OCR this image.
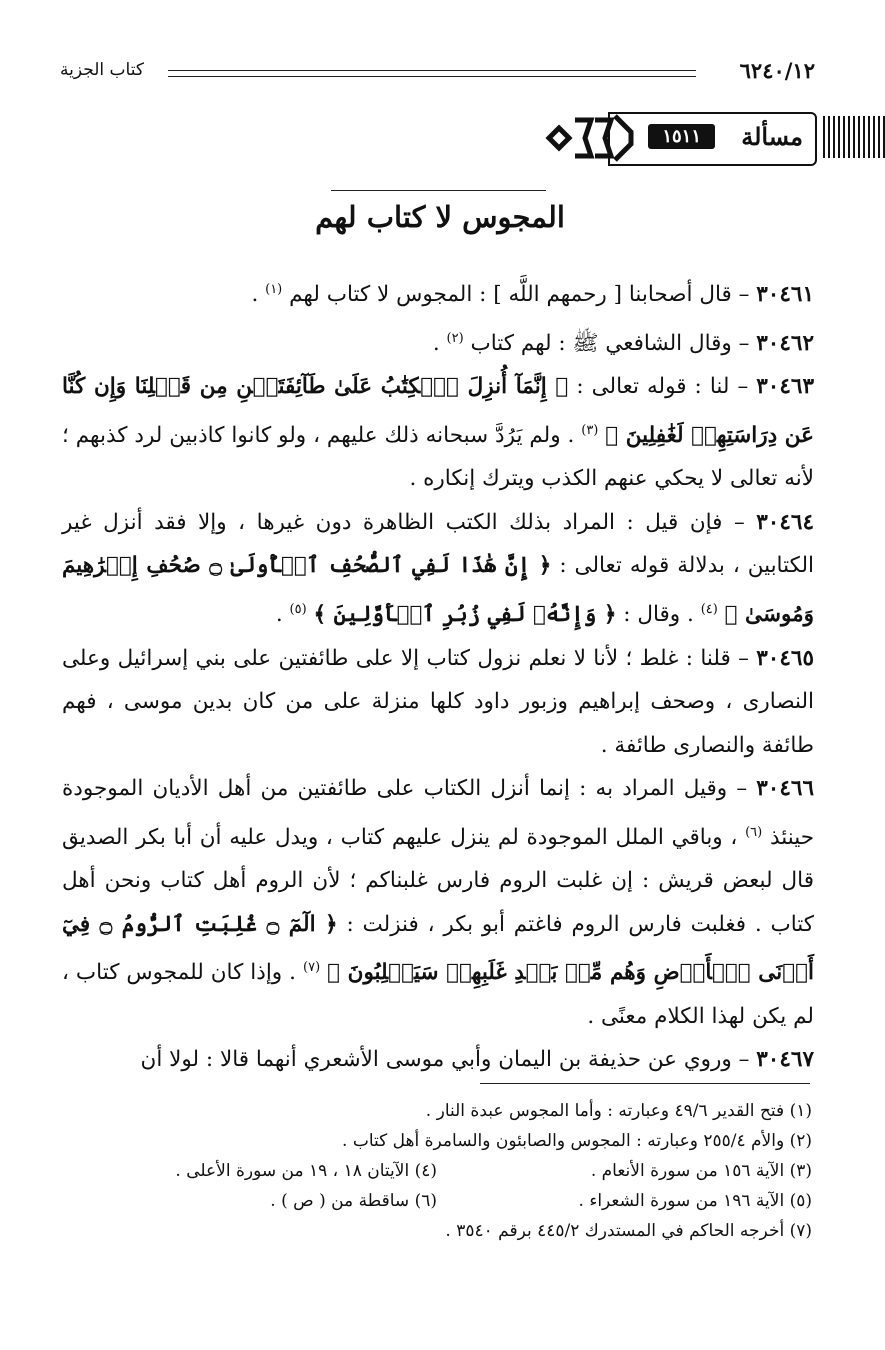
٦٢٤٠/١٢
كتاب الجزية
مسألة
١٥١١
المجوس لا كتاب لهم

٣٠٤٦١ – قال أصحابنا [ رحمهم اللَّه ] : المجوس لا كتاب لهم $^{(١)}$ .

٣٠٤٦٢ – وقال الشافعي ﷺ : لهم كتاب $^{(٢)}$ .

٣٠٤٦٣ – لنا : قوله تعالى : ﴿ إِنَّمَآ أُنزِلَ ٱلۡكِتَٰبُ عَلَىٰ طَآئِفَتَيۡنِ مِن قَبۡلِنَا وَإِن كُنَّا عَن دِرَاسَتِهِمۡ لَغَٰفِلِينَ ﴾ $^{(٣)}$ . ولم يَرُدَّ سبحانه ذلك عليهم ، ولو كانوا كاذبين لرد كذبهم ؛ لأنه تعالى لا يحكي عنهم الكذب ويترك إنكاره .

٣٠٤٦٤ – فإن قيل : المراد بذلك الكتب الظاهرة دون غيرها ، وإلا فقد أنزل غير الكتابين ، بدلالة قوله تعالى : ﴿ إِنَّ هَٰذَا لَفِي ٱلصُّحُفِ ٱلۡأُولَىٰ ۝ صُحُفِ إِبۡرَٰهِيمَ وَمُوسَىٰ ﴾ $^{(٤)}$ . وقال : ﴿ وَإِنَّهُۥ لَفِي زُبُرِ ٱلۡأَوَّلِينَ ﴾ $^{(٥)}$ .

٣٠٤٦٥ – قلنا : غلط ؛ لأنا لا نعلم نزول كتاب إلا على طائفتين على بني إسرائيل وعلى النصارى ، وصحف إبراهيم وزبور داود كلها منزلة على من كان بدين موسى ، فهم طائفة والنصارى طائفة .

٣٠٤٦٦ – وقيل المراد به : إنما أنزل الكتاب على طائفتين من أهل الأديان الموجودة حينئذ $^{(٦)}$ ، وباقي الملل الموجودة لم ينزل عليهم كتاب ، ويدل عليه أن أبا بكر الصديق قال لبعض قريش : إن غلبت الروم فارس غلبناكم ؛ لأن الروم أهل كتاب ونحن أهل كتاب . فغلبت فارس الروم فاغتم أبو بكر ، فنزلت : ﴿ الٓمٓ ۝ غُلِبَتِ ٱلرُّومُ ۝ فِيٓ أَدۡنَى ٱلۡأَرۡضِ وَهُم مِّنۢ بَعۡدِ غَلَبِهِمۡ سَيَغۡلِبُونَ ﴾ $^{(٧)}$ . وإذا كان للمجوس كتاب ، لم يكن لهذا الكلام معنًى .

٣٠٤٦٧ – وروي عن حذيفة بن اليمان وأبي موسى الأشعري أنهما قالا : لولا أن

(١) فتح القدير ٤٩/٦ وعبارته : وأما المجوس عبدة النار .
(٢) والأم ٢٥٥/٤ وعبارته : المجوس والصابئون والسامرة أهل كتاب .
(٣) الآية ١٥٦ من سورة الأنعام .
(٤) الآيتان ١٨ ، ١٩ من سورة الأعلى .
(٥) الآية ١٩٦ من سورة الشعراء .
(٦) ساقطة من ( ص ) .
(٧) أخرجه الحاكم في المستدرك ٤٤٥/٢ برقم ٣٥٤٠ .
